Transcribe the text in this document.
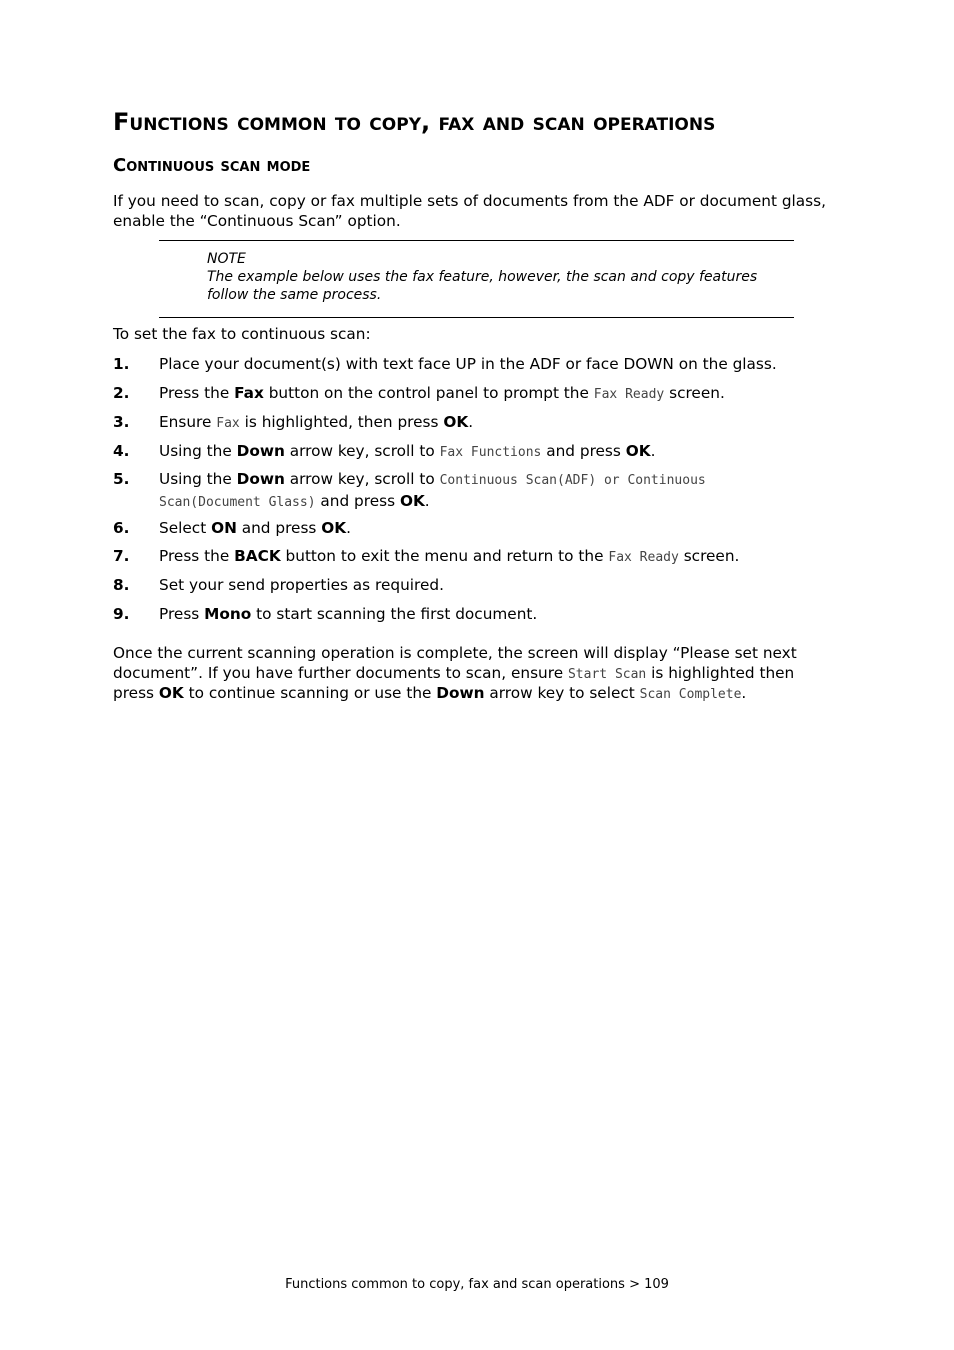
Functions common to copy, fax and scan operations
Continuous scan mode

If you need to scan, copy or fax multiple sets of documents from the ADF or document glass, enable the “Continuous Scan” option.

NOTE
The example below uses the fax feature, however, the scan and copy features follow the same process.

To set the fax to continuous scan:

1.	Place your document(s) with text face UP in the ADF or face DOWN on the glass.
2.	Press the Fax button on the control panel to prompt the Fax Ready screen.
3.	Ensure Fax is highlighted, then press OK.
4.	Using the Down arrow key, scroll to Fax Functions and press OK.
5.	Using the Down arrow key, scroll to Continuous Scan(ADF) or Continuous Scan(Document Glass) and press OK.
6.	Select ON and press OK.
7.	Press the BACK button to exit the menu and return to the Fax Ready screen.
8.	Set your send properties as required.
9.	Press Mono to start scanning the first document.

Once the current scanning operation is complete, the screen will display “Please set next document”. If you have further documents to scan, ensure Start Scan is highlighted then press OK to continue scanning or use the Down arrow key to select Scan Complete.

Functions common to copy, fax and scan operations > 109
